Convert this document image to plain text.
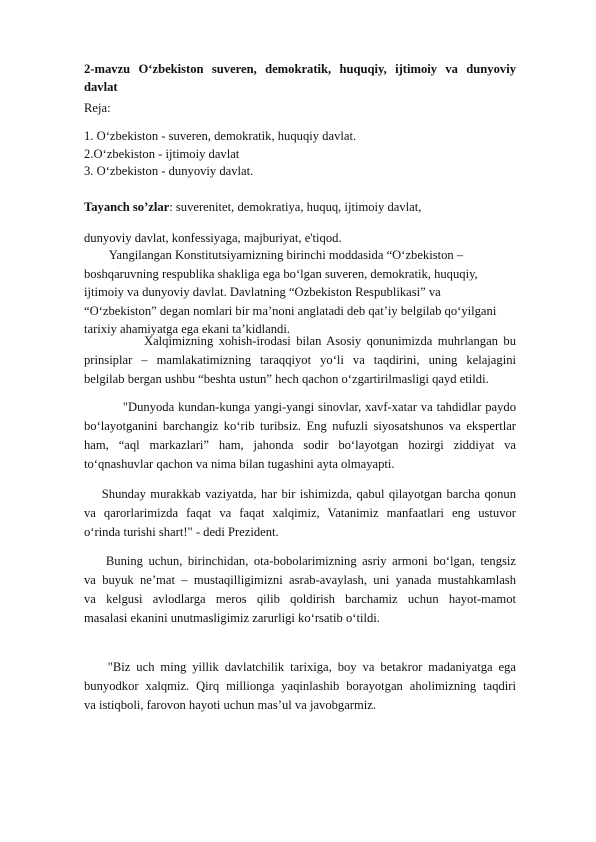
2-mavzu O‘zbekiston suveren, demokratik, huquqiy, ijtimoiy va dunyoviy davlat
Reja:
1. O‘zbekiston - suveren, demokratik, huquqiy davlat.
2.O‘zbekiston - ijtimoiy davlat
3. O‘zbekiston - dunyoviy davlat.
Tayanch so’zlar: suverenitet, demokratiya, huquq, ijtimoiy davlat,
dunyoviy davlat, konfessiyaga, majburiyat, e'tiqod.
Yangilangan Konstitutsiyamizning birinchi moddasida “O‘zbekiston –
boshqaruvning respublika shakliga ega bo‘lgan suveren, demokratik, huquqiy,
ijtimoiy va dunyoviy davlat. Davlatning “Ozbekiston Respublikasi” va
“O‘zbekiston” degan nomlari bir ma’noni anglatadi deb qat’iy belgilab qo‘yilgani
tarixiy ahamiyatga ega ekani ta’kidlandi.
Xalqimizning xohish-irodasi bilan Asosiy qonunimizda muhrlangan bu
prinsiplar – mamlakatimizning taraqqiyot yo‘li va taqdirini, uning kelajagini
belgilab bergan ushbu “beshta ustun” hech qachon o‘zgartirilmasligi qayd etildi.
"Dunyoda kundan-kunga yangi-yangi sinovlar, xavf-xatar va tahdidlar paydo
bo‘layotganini barchangiz ko‘rib turibsiz. Eng nufuzli siyosatshunos va ekspertlar
ham, “aql markazlari” ham, jahonda sodir bo‘layotgan hozirgi ziddiyat va
to‘qnashuvlar qachon va nima bilan tugashini ayta olmayapti.
Shunday murakkab vaziyatda, har bir ishimizda, qabul qilayotgan barcha qonun
va qarorlarimizda faqat va faqat xalqimiz, Vatanimiz manfaatlari eng ustuvor
o‘rinda turishi shart!" - dedi Prezident.
Buning uchun, birinchidan, ota-bobolarimizning asriy armoni bo‘lgan, tengsiz
va buyuk ne’mat – mustaqilligimizni asrab-avaylash, uni yanada mustahkamlash
va kelgusi avlodlarga meros qilib qoldirish barchamiz uchun hayot-mamot
masalasi ekanini unutmasligimiz zarurligi ko‘rsatib o‘tildi.
"Biz uch ming yillik davlatchilik tarixiga, boy va betakror madaniyatga ega
bunyodkor xalqmiz. Qirq millionga yaqinlashib borayotgan aholimizning taqdiri
va istiqboli, farovon hayoti uchun mas’ul va javobgarmiz.
